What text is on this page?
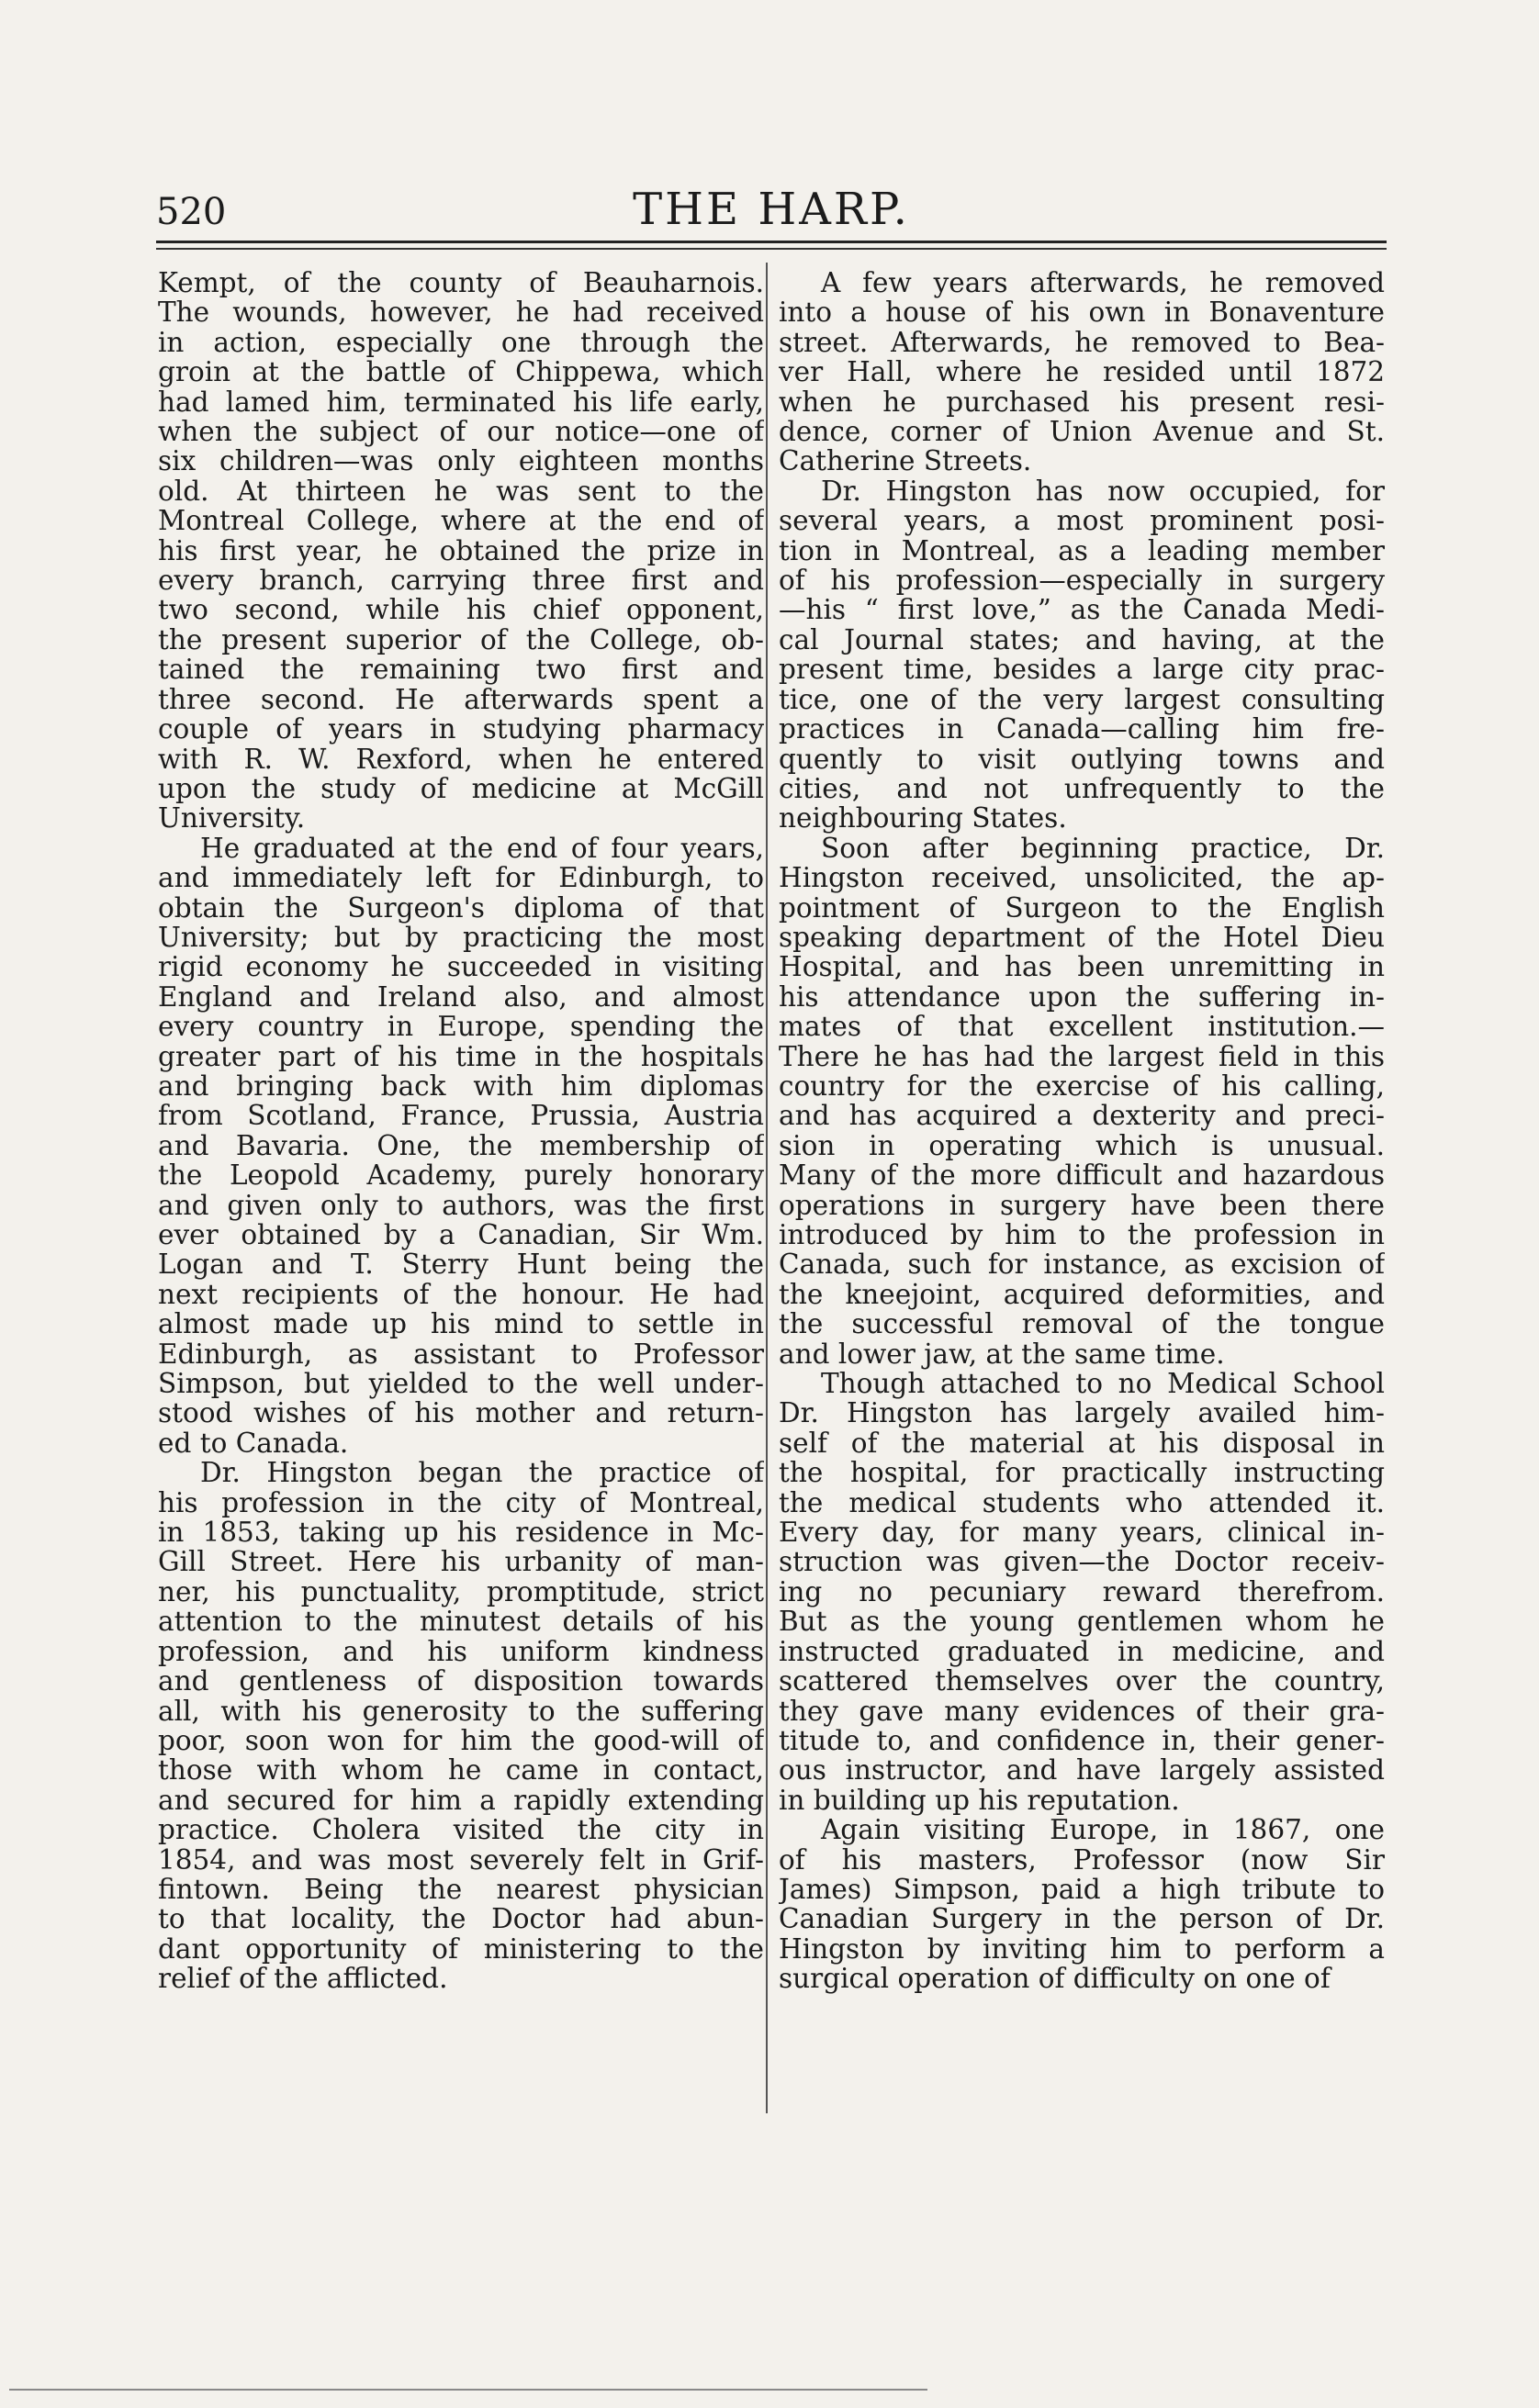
520	THE HARP.

Kempt, of the county of Beauharnois.
The wounds, however, he had received
in action, especially one through the
groin at the battle of Chippewa, which
had lamed him, terminated his life early,
when the subject of our notice—one of
six children—was only eighteen months
old. At thirteen he was sent to the
Montreal College, where at the end of
his first year, he obtained the prize in
every branch, carrying three first and
two second, while his chief opponent,
the present superior of the College, ob-
tained the remaining two first and
three second. He afterwards spent a
couple of years in studying pharmacy
with R. W. Rexford, when he entered
upon the study of medicine at McGill
University.

He graduated at the end of four years,
and immediately left for Edinburgh, to
obtain the Surgeon's diploma of that
University; but by practicing the most
rigid economy he succeeded in visiting
England and Ireland also, and almost
every country in Europe, spending the
greater part of his time in the hospitals
and bringing back with him diplomas
from Scotland, France, Prussia, Austria
and Bavaria. One, the membership of
the Leopold Academy, purely honorary
and given only to authors, was the first
ever obtained by a Canadian, Sir Wm.
Logan and T. Sterry Hunt being the
next recipients of the honour. He had
almost made up his mind to settle in
Edinburgh, as assistant to Professor
Simpson, but yielded to the well under-
stood wishes of his mother and return-
ed to Canada.

Dr. Hingston began the practice of
his profession in the city of Montreal,
in 1853, taking up his residence in Mc-
Gill Street. Here his urbanity of man-
ner, his punctuality, promptitude, strict
attention to the minutest details of his
profession, and his uniform kindness
and gentleness of disposition towards
all, with his generosity to the suffering
poor, soon won for him the good-will of
those with whom he came in contact,
and secured for him a rapidly extending
practice. Cholera visited the city in
1854, and was most severely felt in Grif-
fintown. Being the nearest physician
to that locality, the Doctor had abun-
dant opportunity of ministering to the
relief of the afflicted.

A few years afterwards, he removed
into a house of his own in Bonaventure
street. Afterwards, he removed to Bea-
ver Hall, where he resided until 1872
when he purchased his present resi-
dence, corner of Union Avenue and St.
Catherine Streets.

Dr. Hingston has now occupied, for
several years, a most prominent posi-
tion in Montreal, as a leading member
of his profession—especially in surgery
—his “ first love,” as the Canada Medi-
cal Journal states; and having, at the
present time, besides a large city prac-
tice, one of the very largest consulting
practices in Canada—calling him fre-
quently to visit outlying towns and
cities, and not unfrequently to the
neighbouring States.

Soon after beginning practice, Dr.
Hingston received, unsolicited, the ap-
pointment of Surgeon to the English
speaking department of the Hotel Dieu
Hospital, and has been unremitting in
his attendance upon the suffering in-
mates of that excellent institution.—
There he has had the largest field in this
country for the exercise of his calling,
and has acquired a dexterity and preci-
sion in operating which is unusual.
Many of the more difficult and hazardous
operations in surgery have been there
introduced by him to the profession in
Canada, such for instance, as excision of
the kneejoint, acquired deformities, and
the successful removal of the tongue
and lower jaw, at the same time.

Though attached to no Medical School
Dr. Hingston has largely availed him-
self of the material at his disposal in
the hospital, for practically instructing
the medical students who attended it.
Every day, for many years, clinical in-
struction was given—the Doctor receiv-
ing no pecuniary reward therefrom.
But as the young gentlemen whom he
instructed graduated in medicine, and
scattered themselves over the country,
they gave many evidences of their gra-
titude to, and confidence in, their gener-
ous instructor, and have largely assisted
in building up his reputation.

Again visiting Europe, in 1867, one
of his masters, Professor (now Sir
James) Simpson, paid a high tribute to
Canadian Surgery in the person of Dr.
Hingston by inviting him to perform a
surgical operation of difficulty on one of
